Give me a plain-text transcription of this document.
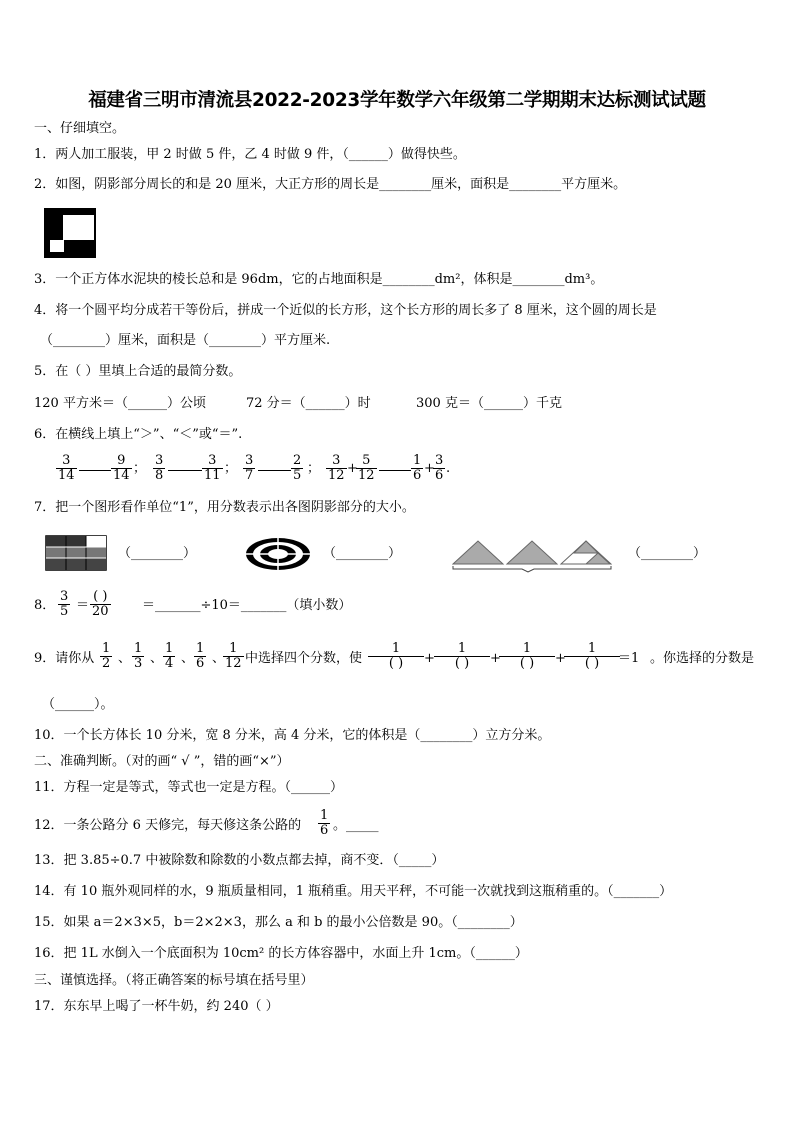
福建省三明市清流县2022-2023学年数学六年级第二学期期末达标测试试题
一、仔细填空。
1．两人加工服装，甲 2 时做 5 件，乙 4 时做 9 件，（______）做得快些。
2．如图，阴影部分周长的和是 20 厘米，大正方形的周长是________厘米，面积是________平方厘米。
3．一个正方体水泥块的棱长总和是 96dm，它的占地面积是________dm²，体积是________dm³。
4．将一个圆平均分成若干等份后，拼成一个近似的长方形，这个长方形的周长多了 8 厘米，这个圆的周长是
（________）厘米，面积是（________）平方厘米.
5．在（ ）里填上合适的最简分数。
120 平方米＝（______）公顷	72 分＝（______）时	300 克＝（______）千克
6．在横线上填上“＞”、“＜”或“＝”.
$\frac{3}{14}$	$\frac{9}{14}$ ； $\frac{3}{8}$	$\frac{3}{11}$ ； $\frac{3}{7}$	$\frac{2}{5}$ ； $\frac{3}{12}$ +
$\frac{5}{12}$	$\frac{1}{6}$ +
$\frac{3}{6}$ .
7．把一个图形看作单位“1”，用分数表示出各图阴影部分的大小。
（________）	（________）	（________）
8． $\frac{3}{5}$ ＝
( )
20	＝_______÷10＝_______（填小数）
9．请你从 $\frac{1}{2}$ 、 $\frac{1}{3}$ 、 $\frac{1}{4}$ 、 $\frac{1}{6}$ 、
$\frac{1}{12}$ 中选择四个分数，使
1
( )	+
1
( )	+
1
( )	+
1
( )	＝1 。你选择的分数是
（______）。
10．一个长方体长 10 分米，宽 8 分米，高 4 分米，它的体积是（________）立方分米。
二、准确判断。（对的画“ √ ”，错的画“×”）
11．方程一定是等式，等式也一定是方程。（______）
12．一条公路分 6 天修完，每天修这条公路的 $\frac{1}{6}$ 。_____
13．把 3.85÷0.7 中被除数和除数的小数点都去掉，商不变．（_____）
14．有 10 瓶外观同样的水，9 瓶质量相同，1 瓶稍重。用天平秤，不可能一次就找到这瓶稍重的。（_______）
15．如果 a＝2×3×5，b＝2×2×3，那么 a 和 b 的最小公倍数是 90。（________）
16．把 1L 水倒入一个底面积为 10cm² 的长方体容器中，水面上升 1cm。（______）
三、谨慎选择。（将正确答案的标号填在括号里）
17．东东早上喝了一杯牛奶，约 240（ ）
